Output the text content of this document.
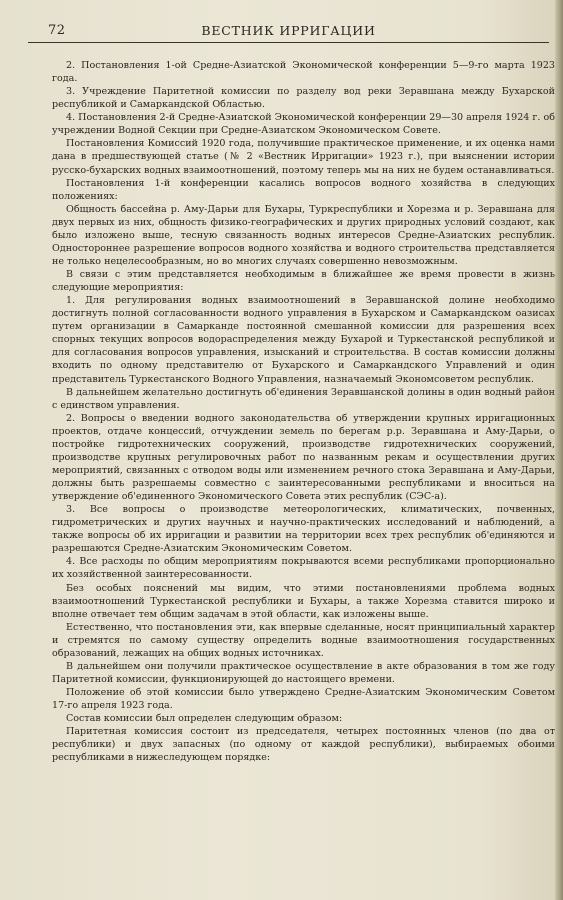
72	ВЕСТНИК ИРРИГАЦИИ

2. Постановления 1-ой Средне-Азиатской Экономической конференции 5—9-го марта 1923 года.

3. Учреждение Паритетной комиссии по разделу вод реки Зеравшана между Бухарской республикой и Самаркандской Областью.

4. Постановления 2-й Средне-Азиатской Экономической конференции 29—30 апреля 1924 г. об учреждении Водной Секции при Средне-Азиатском Экономическом Совете.

Постановления Комиссий 1920 года, получившие практическое применение, и их оценка нами дана в предшествующей статье (№ 2 «Вестник Ирригации» 1923 г.), при выяснении истории русско-бухарских водных взаимоотношений, поэтому теперь мы на них не будем останавливаться.

Постановления 1-й конференции касались вопросов водного хозяйства в следующих положениях:

Общность бассейна р. Аму-Дарьи для Бухары, Туркреспублики и Хорезма и р. Зеравшана для двух первых из них, общность физико-географических и других природных условий создают, как было изложено выше, тесную связанность водных интересов Средне-Азиатских республик. Одностороннее разрешение вопросов водного хозяйства и водного строительства представляется не только нецелесообразным, но во многих случаях совершенно невозможным.

В связи с этим представляется необходимым в ближайшее же время провести в жизнь следующие мероприятия:

1. Для регулирования водных взаимоотношений в Зеравшанской долине необходимо достигнуть полной согласованности водного управления в Бухарском и Самаркандском оазисах путем организации в Самарканде постоянной смешанной комиссии для разрешения всех спорных текущих вопросов водораспределения между Бухарой и Туркестанской республикой и для согласования вопросов управления, изысканий и строительства. В состав комиссии должны входить по одному представителю от Бухарского и Самаркандского Управлений и один представитель Туркестанского Водного Управления, назначаемый Экономсоветом республик.

В дальнейшем желательно достигнуть об'единения Зеравшанской долины в один водный район с единством управления.

2. Вопросы о введении водного законодательства об утверждении крупных ирригационных проектов, отдаче концессий, отчуждении земель по берегам р.р. Зеравшана и Аму-Дарьи, о постройке гидротехнических сооружений, производстве гидротехнических сооружений, производстве крупных регулировочных работ по названным рекам и осуществлении других мероприятий, связанных с отводом воды или изменением речного стока Зеравшана и Аму-Дарьи, должны быть разрешаемы совместно с заинтересованными республиками и вноситься на утверждение об'единенного Экономического Совета этих республик (СЭС-а).

3. Все вопросы о производстве метеорологических, климатических, почвенных, гидрометрических и других научных и научно-практических исследований и наблюдений, а также вопросы об их ирригации и развитии на территории всех трех республик об'единяются и разрешаются Средне-Азиатским Экономическим Советом.

4. Все расходы по общим мероприятиям покрываются всеми республиками пропорционально их хозяйственной заинтересованности.

Без особых пояснений мы видим, что этими постановлениями проблема водных взаимоотношений Туркестанской республики и Бухары, а также Хорезма ставится широко и вполне отвечает тем общим задачам в этой области, как изложены выше.

Естественно, что постановления эти, как впервые сделанные, носят принципиальный характер и стремятся по самому существу определить водные взаимоотношения государственных образований, лежащих на общих водных источниках.

В дальнейшем они получили практическое осуществление в акте образования в том же году Паритетной комиссии, функционирующей до настоящего времени.

Положение об этой комиссии было утверждено Средне-Азиатским Экономическим Советом 17-го апреля 1923 года.

Состав комиссии был определен следующим образом:

Паритетная комиссия состоит из председателя, четырех постоянных членов (по два от республики) и двух запасных (по одному от каждой республики), выбираемых обоими республиками в нижеследующем порядке:
